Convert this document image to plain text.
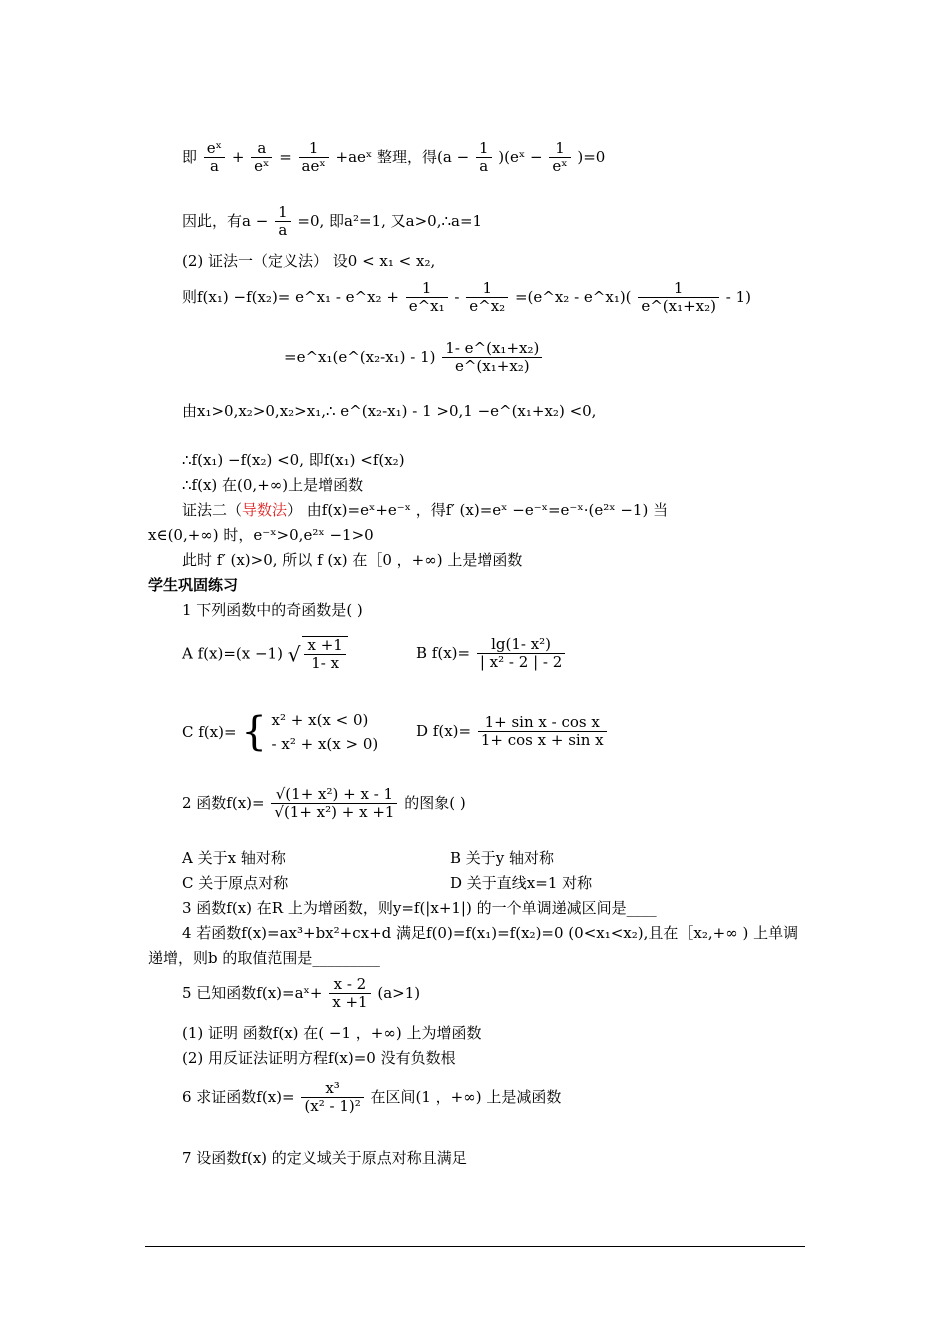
即 $\frac{\text{eˣ}}{a} + \frac{a}{\text{eˣ}} = \frac{1}{\text{aeˣ}}$ +aeˣ 整理，得($a - \frac{1}{a}$ )(eˣ − $\frac{1}{\text{eˣ}} )=0$
因此，有$a - \frac{1}{a} =0$, 即a²=1, 又a>0,∴a=1
(2) 证法一（定义法） 设0 < x₁ < x₂,
则f(x₁) −f(x₂)= e^x₁ - e^x₂ + $\frac{1}{\text{e\textasciicircum{}x₁}} - \frac{1}{\text{e\textasciicircum{}x₂}}$ =(e^x₂ - e^x₁)( $\frac{1}{\text{e\textasciicircum{}(x₁+x₂)}} - 1$)
=e^x₁(e^(x₂-x₁) - $1) \frac{\text{1- e\textasciicircum{}(x₁+x₂)}}{\text{e\textasciicircum{}(x₁+x₂)}}$
由x₁>0,x₂>0,x₂>x₁,∴ e^(x₂-x₁) - 1 >0,1 −e^(x₁+x₂) <0,
∴f(x₁) −f(x₂) <0, 即f(x₁) <f(x₂)
∴f(x) 在(0,+∞)上是增函数
证法二（导数法） 由f(x)=eˣ+e⁻ˣ ，得f′ (x)=eˣ −e⁻ˣ=e⁻ˣ·(e²ˣ −1) 当
x∈(0,+∞) 时，e⁻ˣ>0,e²ˣ −1>0
此时 f′ (x)>0, 所以 f (x) 在［0 ，+∞) 上是增函数
学生巩固练习
1 下列函数中的奇函数是( )
A f(x)=(x −1) √ $\frac{x +1}{1- x}$	B $f(x)= \frac{\text{lg(1- x²)}}{\text{| x² - 2 | - 2}}$
C f(x)= { x² + x(x < 0)
- x² + x(x > 0)
D $f(x)= \frac{\text{1+ sin x - cos x}}{\text{1+ cos x + sin x}}$
2 函数$f(x)= \frac{\text{√(1+ x²) + x - 1}}{\text{√(1+ x²) + x +1}}$ 的图象( )
A 关于x 轴对称	B 关于y 轴对称
C 关于原点对称	D 关于直线x=1 对称
3 函数f(x) 在R 上为增函数，则y=f(|x+1|) 的一个单调递减区间是____
4 若函数f(x)=ax³+bx²+cx+d 满足f(0)=f(x₁)=f(x₂)=0 (0<x₁<x₂),且在［x₂,+∞ ) 上单调
递增，则b 的取值范围是_________
5 已知函数f(x)=aˣ+ $\frac{x - 2}{x +1} (a>1)$
(1) 证明 函数f(x) 在( −1 ，+∞) 上为增函数
(2) 用反证法证明方程f(x)=0 没有负数根
6 求证函数$f(x)= \frac{\text{x³}}{\text{(x² - 1)²}}$ 在区间(1 ，+∞) 上是减函数
7 设函数f(x) 的定义域关于原点对称且满足
